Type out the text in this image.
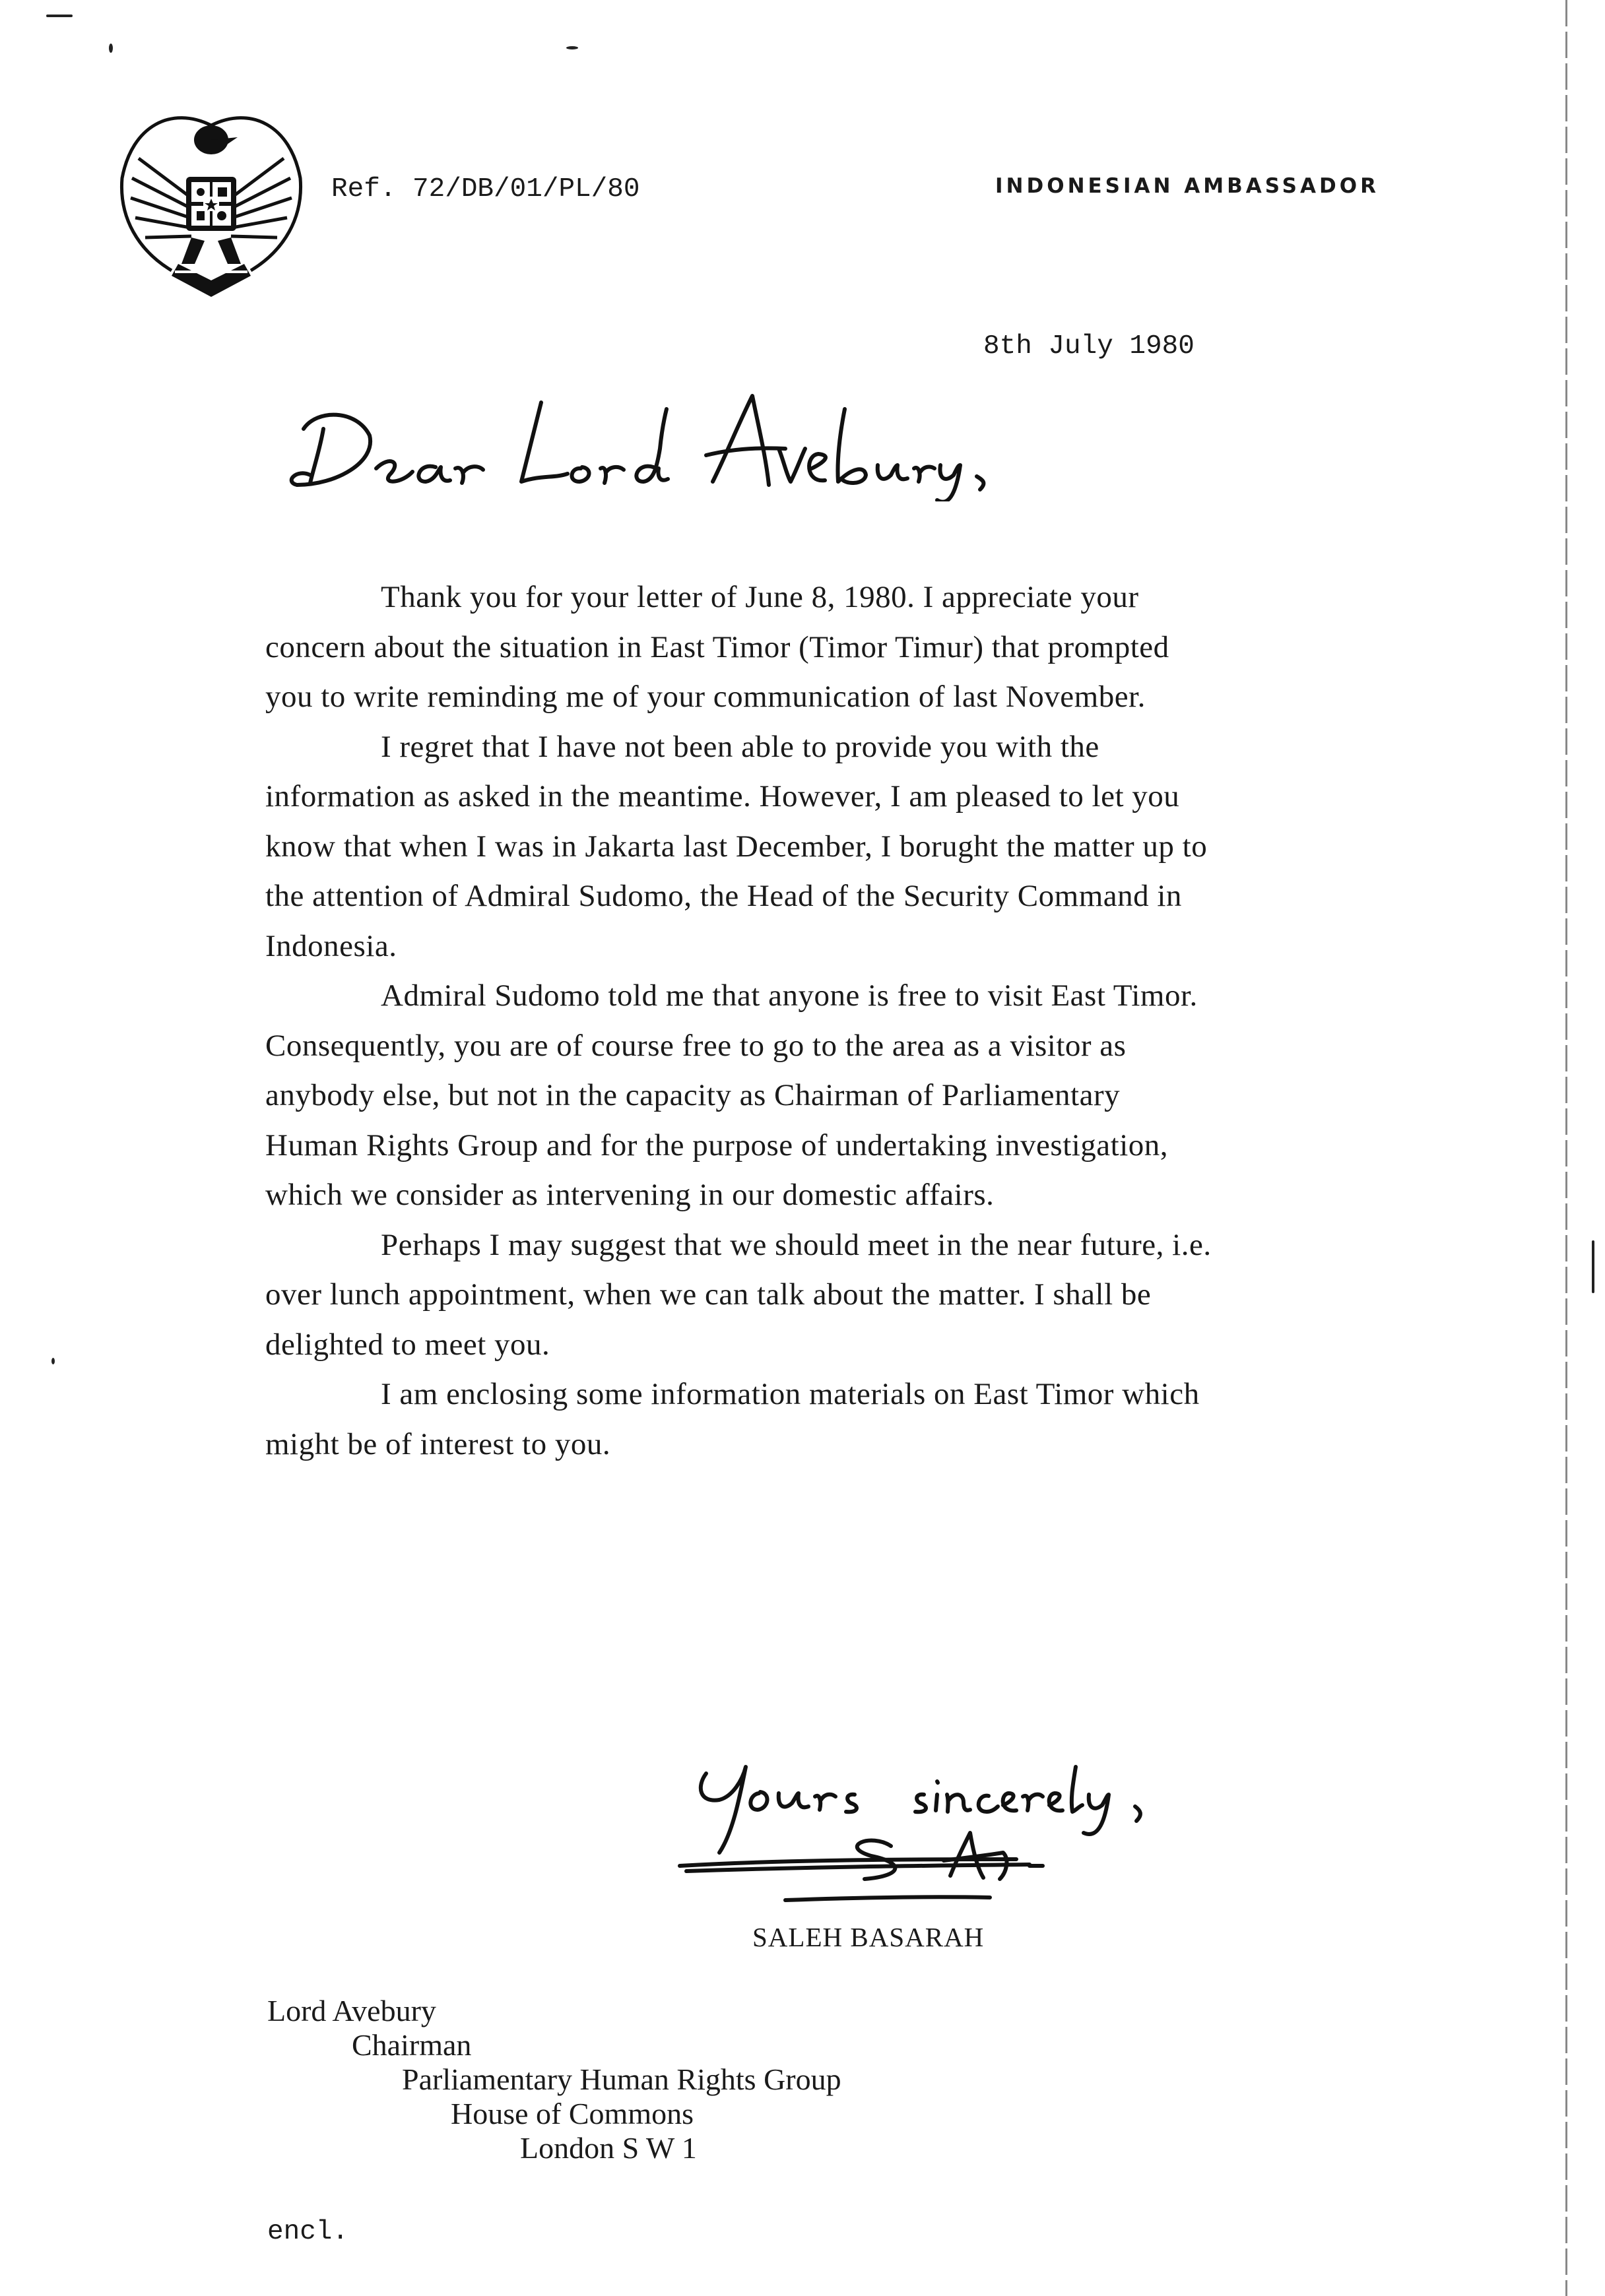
Ref. 72/DB/01/PL/80	INDONESIAN AMBASSADOR
8th July 1980

Thank you for your letter of June 8, 1980. I appreciate your concern about the situation in East Timor (Timor Timur) that prompted you to write reminding me of your communication of last November.

I regret that I have not been able to provide you with the information as asked in the meantime. However, I am pleased to let you know that when I was in Jakarta last December, I borught the matter up to the attention of Admiral Sudomo, the Head of the Security Command in Indonesia.

Admiral Sudomo told me that anyone is free to visit East Timor. Consequently, you are of course free to go to the area as a visitor as anybody else, but not in the capacity as Chairman of Parliamentary Human Rights Group and for the purpose of undertaking investigation, which we consider as intervening in our domestic affairs.

Perhaps I may suggest that we should meet in the near future, i.e. over lunch appointment, when we can talk about the matter. I shall be delighted to meet you.

I am enclosing some information materials on East Timor which might be of interest to you.

SALEH BASARAH
Lord Avebury
Chairman
Parliamentary Human Rights Group
House of Commons
London S W 1
encl.
